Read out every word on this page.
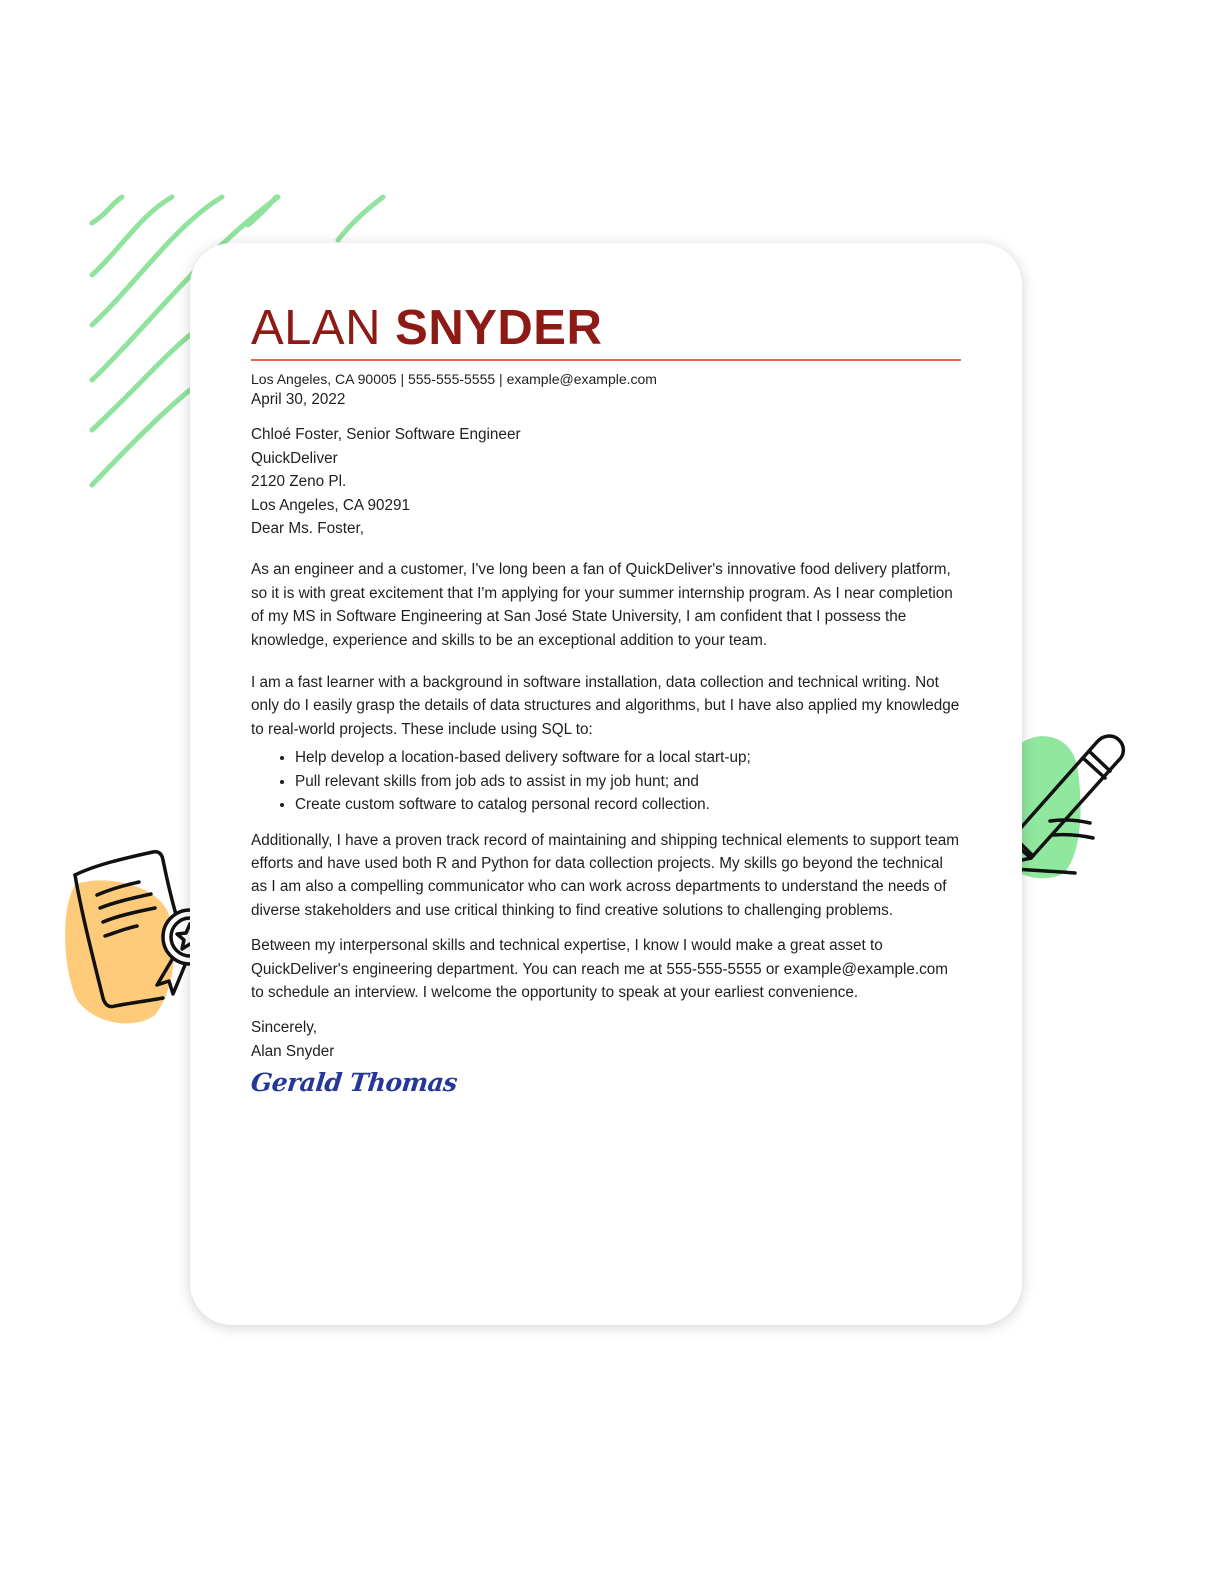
ALAN SNYDER
Los Angeles, CA 90005 | 555-555-5555 | example@example.com

April 30, 2022

Chloé Foster, Senior Software Engineer

QuickDeliver

2120 Zeno Pl.

Los Angeles, CA 90291

Dear Ms. Foster,

As an engineer and a customer, I've long been a fan of QuickDeliver's innovative food delivery platform, so it is with great excitement that I'm applying for your summer internship program. As I near completion of my MS in Software Engineering at San José State University, I am confident that I possess the knowledge, experience and skills to be an exceptional addition to your team.

I am a fast learner with a background in software installation, data collection and technical writing. Not only do I easily grasp the details of data structures and algorithms, but I have also applied my knowledge to real-world projects. These include using SQL to:

• Help develop a location-based delivery software for a local start-up;
• Pull relevant skills from job ads to assist in my job hunt; and
• Create custom software to catalog personal record collection.

Additionally, I have a proven track record of maintaining and shipping technical elements to support team efforts and have used both R and Python for data collection projects. My skills go beyond the technical as I am also a compelling communicator who can work across departments to understand the needs of diverse stakeholders and use critical thinking to find creative solutions to challenging problems.

Between my interpersonal skills and technical expertise, I know I would make a great asset to QuickDeliver's engineering department. You can reach me at 555-555-5555 or example@example.com to schedule an interview. I welcome the opportunity to speak at your earliest convenience.

Sincerely,

Alan Snyder

Gerald Thomas
